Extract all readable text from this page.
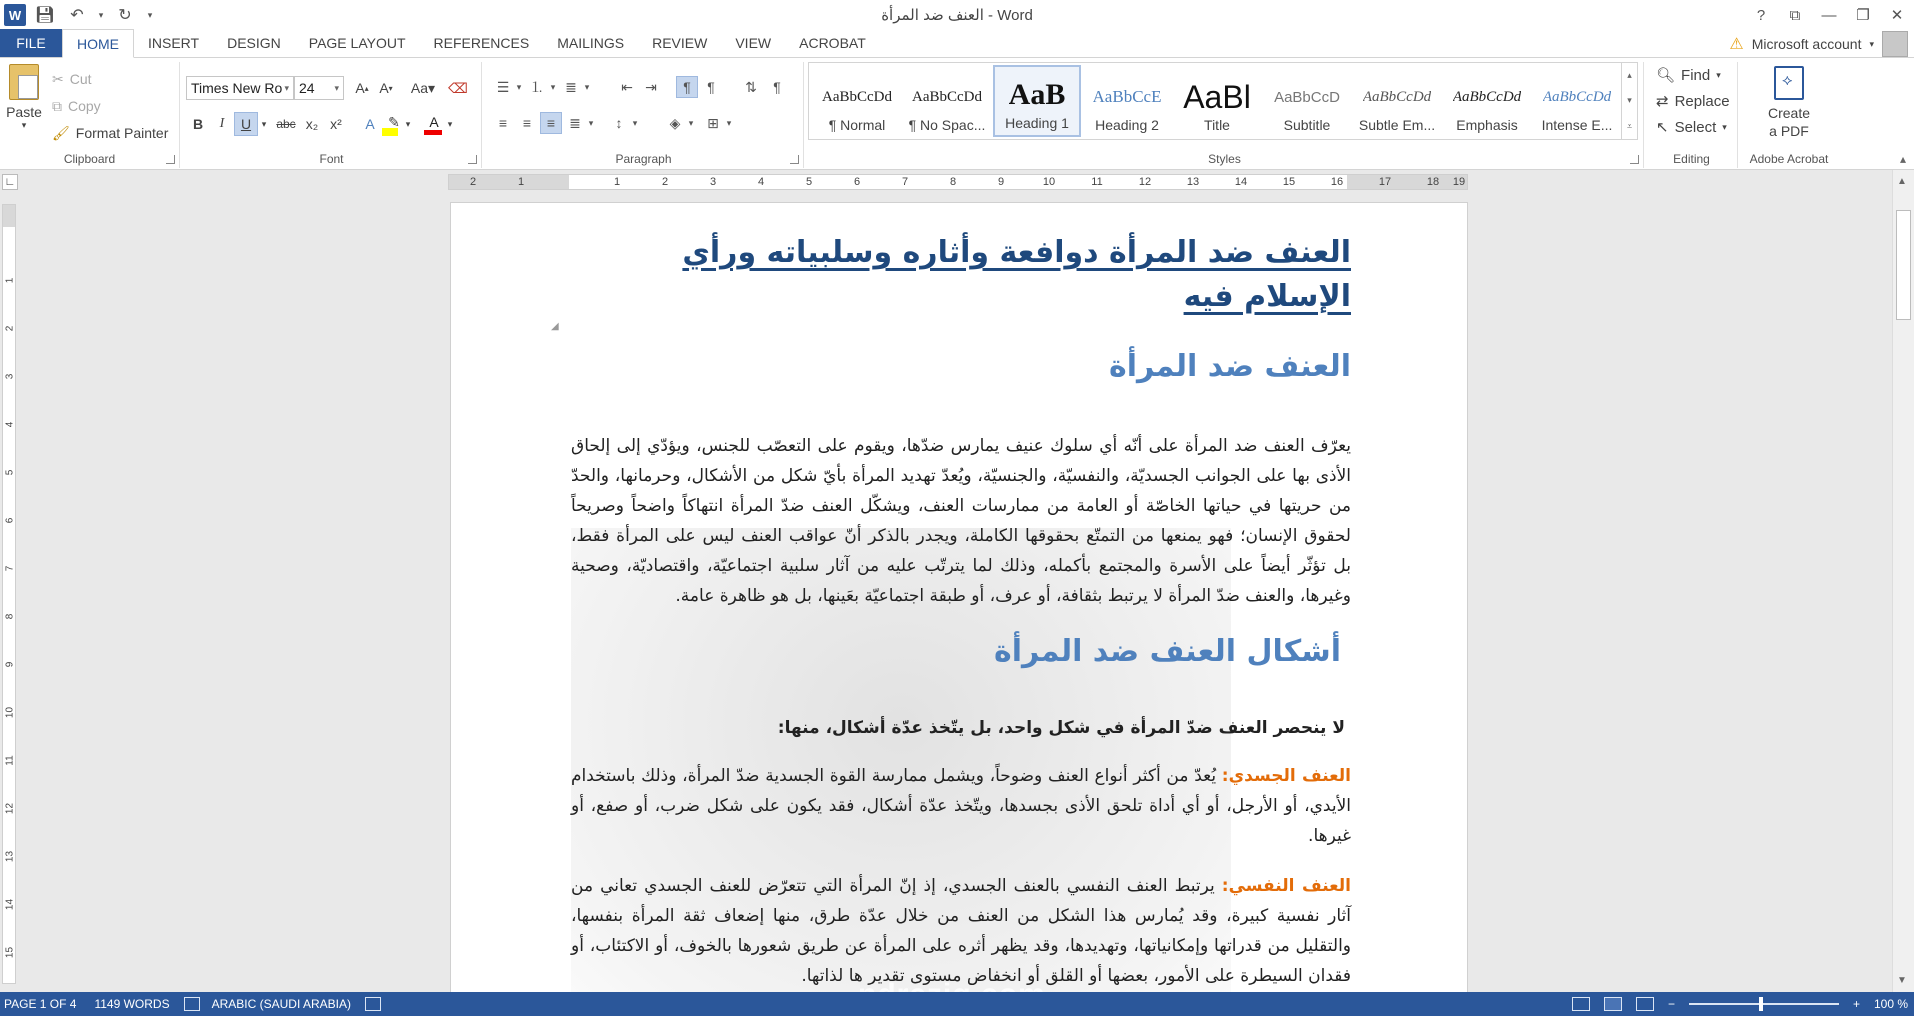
W 💾︎ ↶	▾ ↻	▾	العنف ضد المرأة - Word	?	⧉	—	❐	✕
FILE	HOME	INSERT	DESIGN	PAGE LAYOUT	REFERENCES	MAILINGS	REVIEW	VIEW	ACROBAT	⚠ Microsoft account ▾
Paste
▾
✂ Cut
⧉ Copy
🖌︎ Format Painter
Clipboard
Times New Ro ▾ 24 ▾	A ▴ A ▾	Aa▾ ⌫
B	I	U	▾ abc x₂ x²	A ✎ ▾	A	▾
Font
☰ ▾ ⒈ ▾ ≣ ▾	⇤ ⇥	¶	¶	⇅	¶
≡	≡	≡	≣ ▾	↕	▾	◈ ▾ ⊞ ▾
Paragraph	Styles
AaBbCcDd
¶ Normal
AaBbCcDd
¶ No Spac...
AaB
Heading 1
AaBbCcE
Heading 2
AaBl
Title
AaBbCcD
Subtitle
AaBbCcDd
Subtle Em...
AaBbCcDd
Emphasis
AaBbCcDd
Intense E...
▴
▾
⩡
Editing
🔍︎ Find ▾
⇄ Replace
↖ Select ▾
Adobe Acrobat
⟡
Create
a PDF
▴
∟	2	1	1	2	3	4	5	6	7	8	9	10	11	12	13	14	15	16	17	18 19
1
2
3
4
5
6
7
8
9
10
11
12
13
14
15
▲
▼
◢
العنف ضد المرأة دوافعة وأثاره وسلبياته ورأي الإسلام فيه
العنف ضد المرأة
يعرّف العنف ضد المرأة على أنّه أي سلوك عنيف يمارس ضدّها، ويقوم على التعصّب للجنس، ويؤدّي إلى إلحاق الأذى بها على الجوانب الجسديّة، والنفسيّة، والجنسيّة، ويُعدّ تهديد المرأة بأيّ شكل من الأشكال، وحرمانها، والحدّ من حريتها في حياتها الخاصّة أو العامة من ممارسات العنف، ويشكّل العنف ضدّ المرأة انتهاكاً واضحاً وصريحاً لحقوق الإنسان؛ فهو يمنعها من التمتّع بحقوقها الكاملة، ويجدر بالذكر أنّ عواقب العنف ليس على المرأة فقط، بل تؤثّر أيضاً على الأسرة والمجتمع بأكمله، وذلك لما يترتّب عليه من آثار سلبية اجتماعيّة، واقتصاديّة، وصحية وغيرها، والعنف ضدّ المرأة لا يرتبط بثقافة، أو عرف، أو طبقة اجتماعيّة بعَينها، بل هو ظاهرة عامة.
أشكال العنف ضد المرأة
لا ينحصر العنف ضدّ المرأة في شكل واحد، بل يتّخذ عدّة أشكال، منها:
العنف الجسدي: يُعدّ من أكثر أنواع العنف وضوحاً، ويشمل ممارسة القوة الجسدية ضدّ المرأة، وذلك باستخدام الأيدي، أو الأرجل، أو أي أداة تلحق الأذى بجسدها، ويتّخذ عدّة أشكال، فقد يكون على شكل ضرب، أو صفع، أو غيرها.
العنف النفسي: يرتبط العنف النفسي بالعنف الجسدي، إذ إنّ المرأة التي تتعرّض للعنف الجسدي تعاني من آثار نفسية كبيرة، وقد يُمارس هذا الشكل من العنف من خلال عدّة طرق، منها إضعاف ثقة المرأة بنفسها، والتقليل من قدراتها وإمكانياتها، وتهديدها، وقد يظهر أثره على المرأة عن طريق شعورها بالخوف، أو الاكتئاب، أو فقدان السيطرة على الأمور، بعضها أو القلق أو انخفاض مستوى تقدير ها لذاتها.
PAGE 1 OF 4 1149 WORDS	ARABIC (SAUDI ARABIA)	−	+ 100 %
